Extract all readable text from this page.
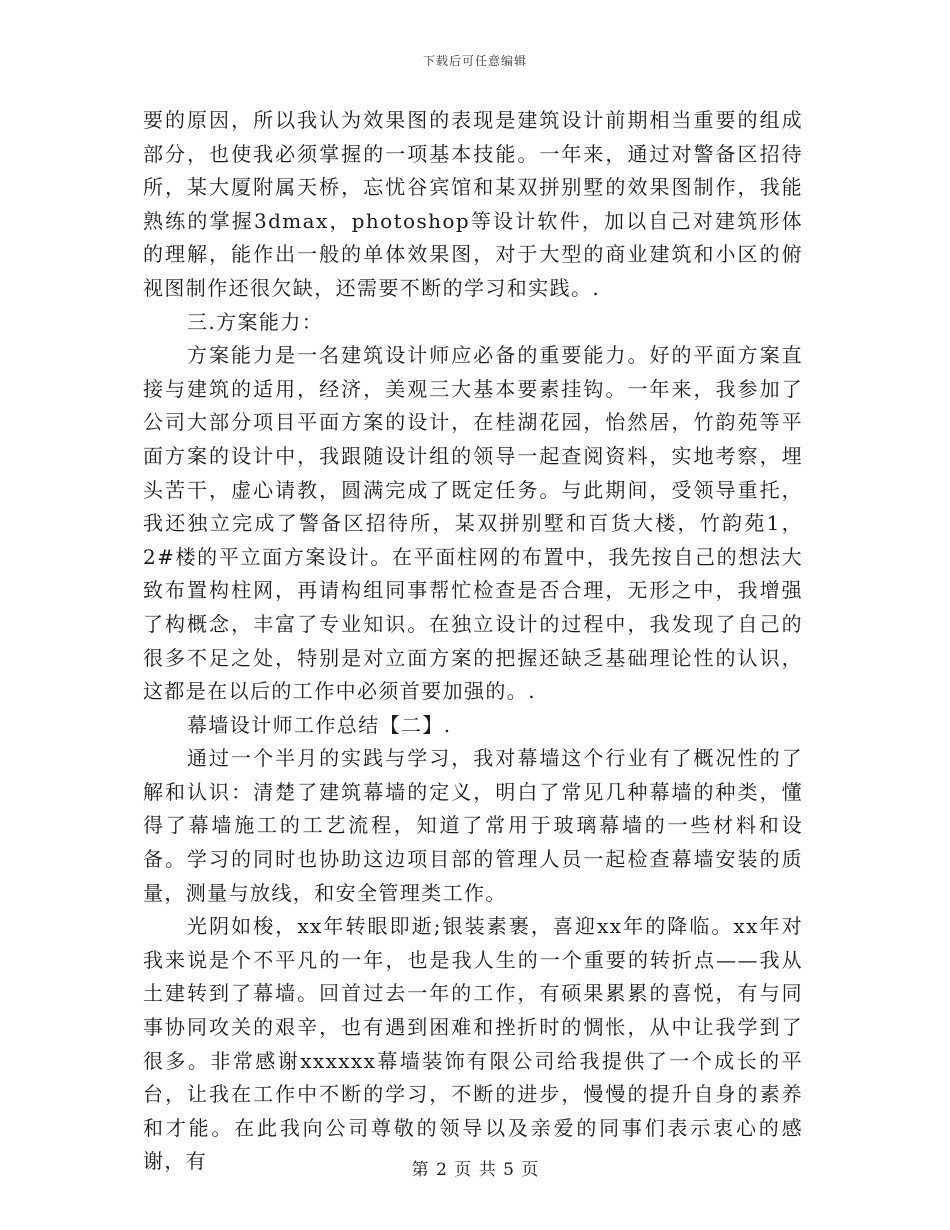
下载后可任意编辑

要的原因，所以我认为效果图的表现是建筑设计前期相当重要的组成部分，也使我必须掌握的一项基本技能。一年来，通过对警备区招待所，某大厦附属天桥，忘忧谷宾馆和某双拼别墅的效果图制作，我能熟练的掌握3dmax，photoshop等设计软件，加以自己对建筑形体的理解，能作出一般的单体效果图，对于大型的商业建筑和小区的俯视图制作还很欠缺，还需要不断的学习和实践。.

三.方案能力：

方案能力是一名建筑设计师应必备的重要能力。好的平面方案直接与建筑的适用，经济，美观三大基本要素挂钩。一年来，我参加了公司大部分项目平面方案的设计，在桂湖花园，怡然居，竹韵苑等平面方案的设计中，我跟随设计组的领导一起查阅资料，实地考察，埋头苦干，虚心请教，圆满完成了既定任务。与此期间，受领导重托，我还独立完成了警备区招待所，某双拼别墅和百货大楼，竹韵苑1，2#楼的平立面方案设计。在平面柱网的布置中，我先按自己的想法大致布置构柱网，再请构组同事帮忙检查是否合理，无形之中，我增强了构概念，丰富了专业知识。在独立设计的过程中，我发现了自己的很多不足之处，特别是对立面方案的把握还缺乏基础理论性的认识，这都是在以后的工作中必须首要加强的。.

幕墙设计师工作总结【二】.

通过一个半月的实践与学习，我对幕墙这个行业有了概况性的了解和认识：清楚了建筑幕墙的定义，明白了常见几种幕墙的种类，懂得了幕墙施工的工艺流程，知道了常用于玻璃幕墙的一些材料和设备。学习的同时也协助这边项目部的管理人员一起检查幕墙安装的质量，测量与放线，和安全管理类工作。

光阴如梭，xx年转眼即逝;银装素裹，喜迎xx年的降临。xx年对我来说是个不平凡的一年，也是我人生的一个重要的转折点——我从土建转到了幕墙。回首过去一年的工作，有硕果累累的喜悦，有与同事协同攻关的艰辛，也有遇到困难和挫折时的惆怅，从中让我学到了很多。非常感谢xxxxxx幕墙装饰有限公司给我提供了一个成长的平台，让我在工作中不断的学习，不断的进步，慢慢的提升自身的素养和才能。在此我向公司尊敬的领导以及亲爱的同事们表示衷心的感谢，有	第 2 页 共 5 页
